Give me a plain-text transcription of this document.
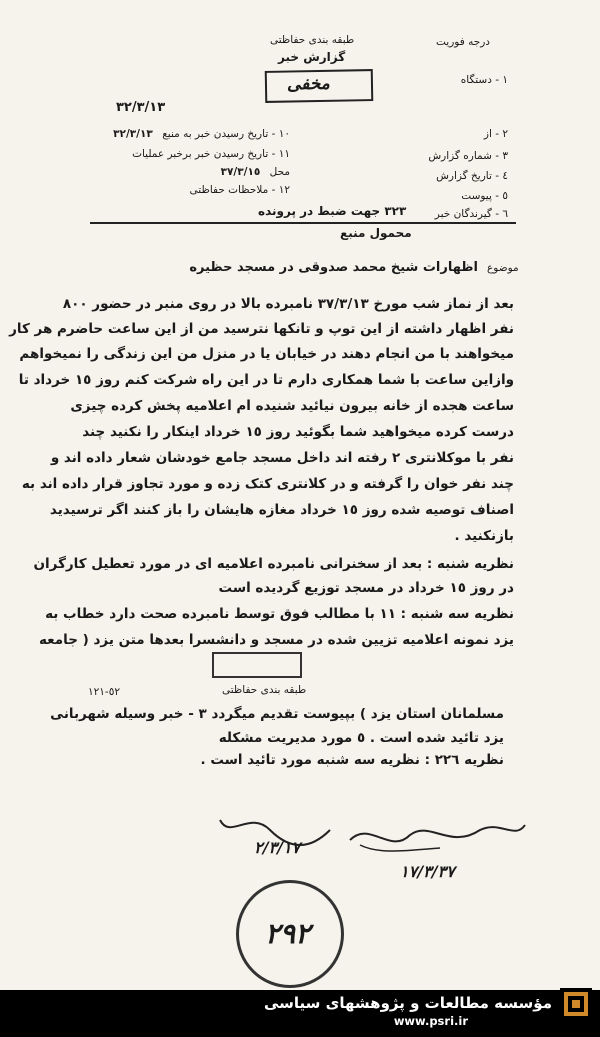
درجه فوریت
طبقه بندی حفاظتی
گزارش خبر
مخفی	١ - دستگاه
٢ - از
٣ - شماره گزارش
٤ - تاریخ گزارش
٥ - پیوست
٦ - گیرندگان خبر
١٠ - تاریخ رسیدن خبر به منبع ٣٢/٣/١٣
١١ - تاریخ رسیدن خبر برخبر عملیات
محل ٣٧/٣/١٥
١٢ - ملاحظات حفاظتی
٣٢/٣/١٣
٣٢٣ جهت ضبط در پرونده
محمول منبع
موضوع
اظهارات شیخ محمد صدوقی در مسجد حظیره
بعد از نماز شب مورخ ٣٧/٣/١٣ نامبرده بالا در روی منبر در حضور ٨٠٠
نفر اظهار داشته از این توپ و تانکها نترسید من از این ساعت حاضرم هر کار
میخواهند با من انجام دهند در خیابان یا در منزل من این زندگی را نمیخواهم
وازاین ساعت با شما همکاری دارم تا در این راه شرکت کنم روز ١٥ خرداد تا
ساعت هجده از خانه بیرون نیائید شنیده ام اعلامیه پخش کرده چیزی
درست کرده میخواهید شما بگوئید روز ١٥ خرداد اینکار را نکنید چند
نفر با موکلانتری ٢ رفته اند داخل مسجد جامع خودشان شعار داده اند و
چند نفر خوان را گرفته و در کلانتری کتک زده و مورد تجاوز قرار داده اند به
اصناف توصیه شده روز ١٥ خرداد مغازه هایشان را باز کنند اگر ترسیدید
بازنکنید .
نظریه شنبه : بعد از سخنرانی نامبرده اعلامیه ای در مورد تعطیل کارگران
در روز ١٥ خرداد در مسجد توزیع گردیده است
نظریه سه شنبه : ١١ با مطالب فوق توسط نامبرده صحت دارد خطاب به
یزد نمونه اعلامیه تزیین شده در مسجد و دانشسرا بعدها متن یزد ( جامعه
طبقه بندی حفاظتی
٥٢-١٢١
مسلمانان استان یزد ) بپیوست تقدیم میگردد ٣ - خبر وسیله شهربانی
یزد تائید شده است . ٥ مورد مدیریت مشکله
نظریه ٢٢٦ : نظریه سه شنبه مورد تائید است .
٢/٣/١٧
١٧/٣/٣٧
٢٩٢
مؤسسه مطالعات و پژوهشهای سیاسی
www.psri.ir
